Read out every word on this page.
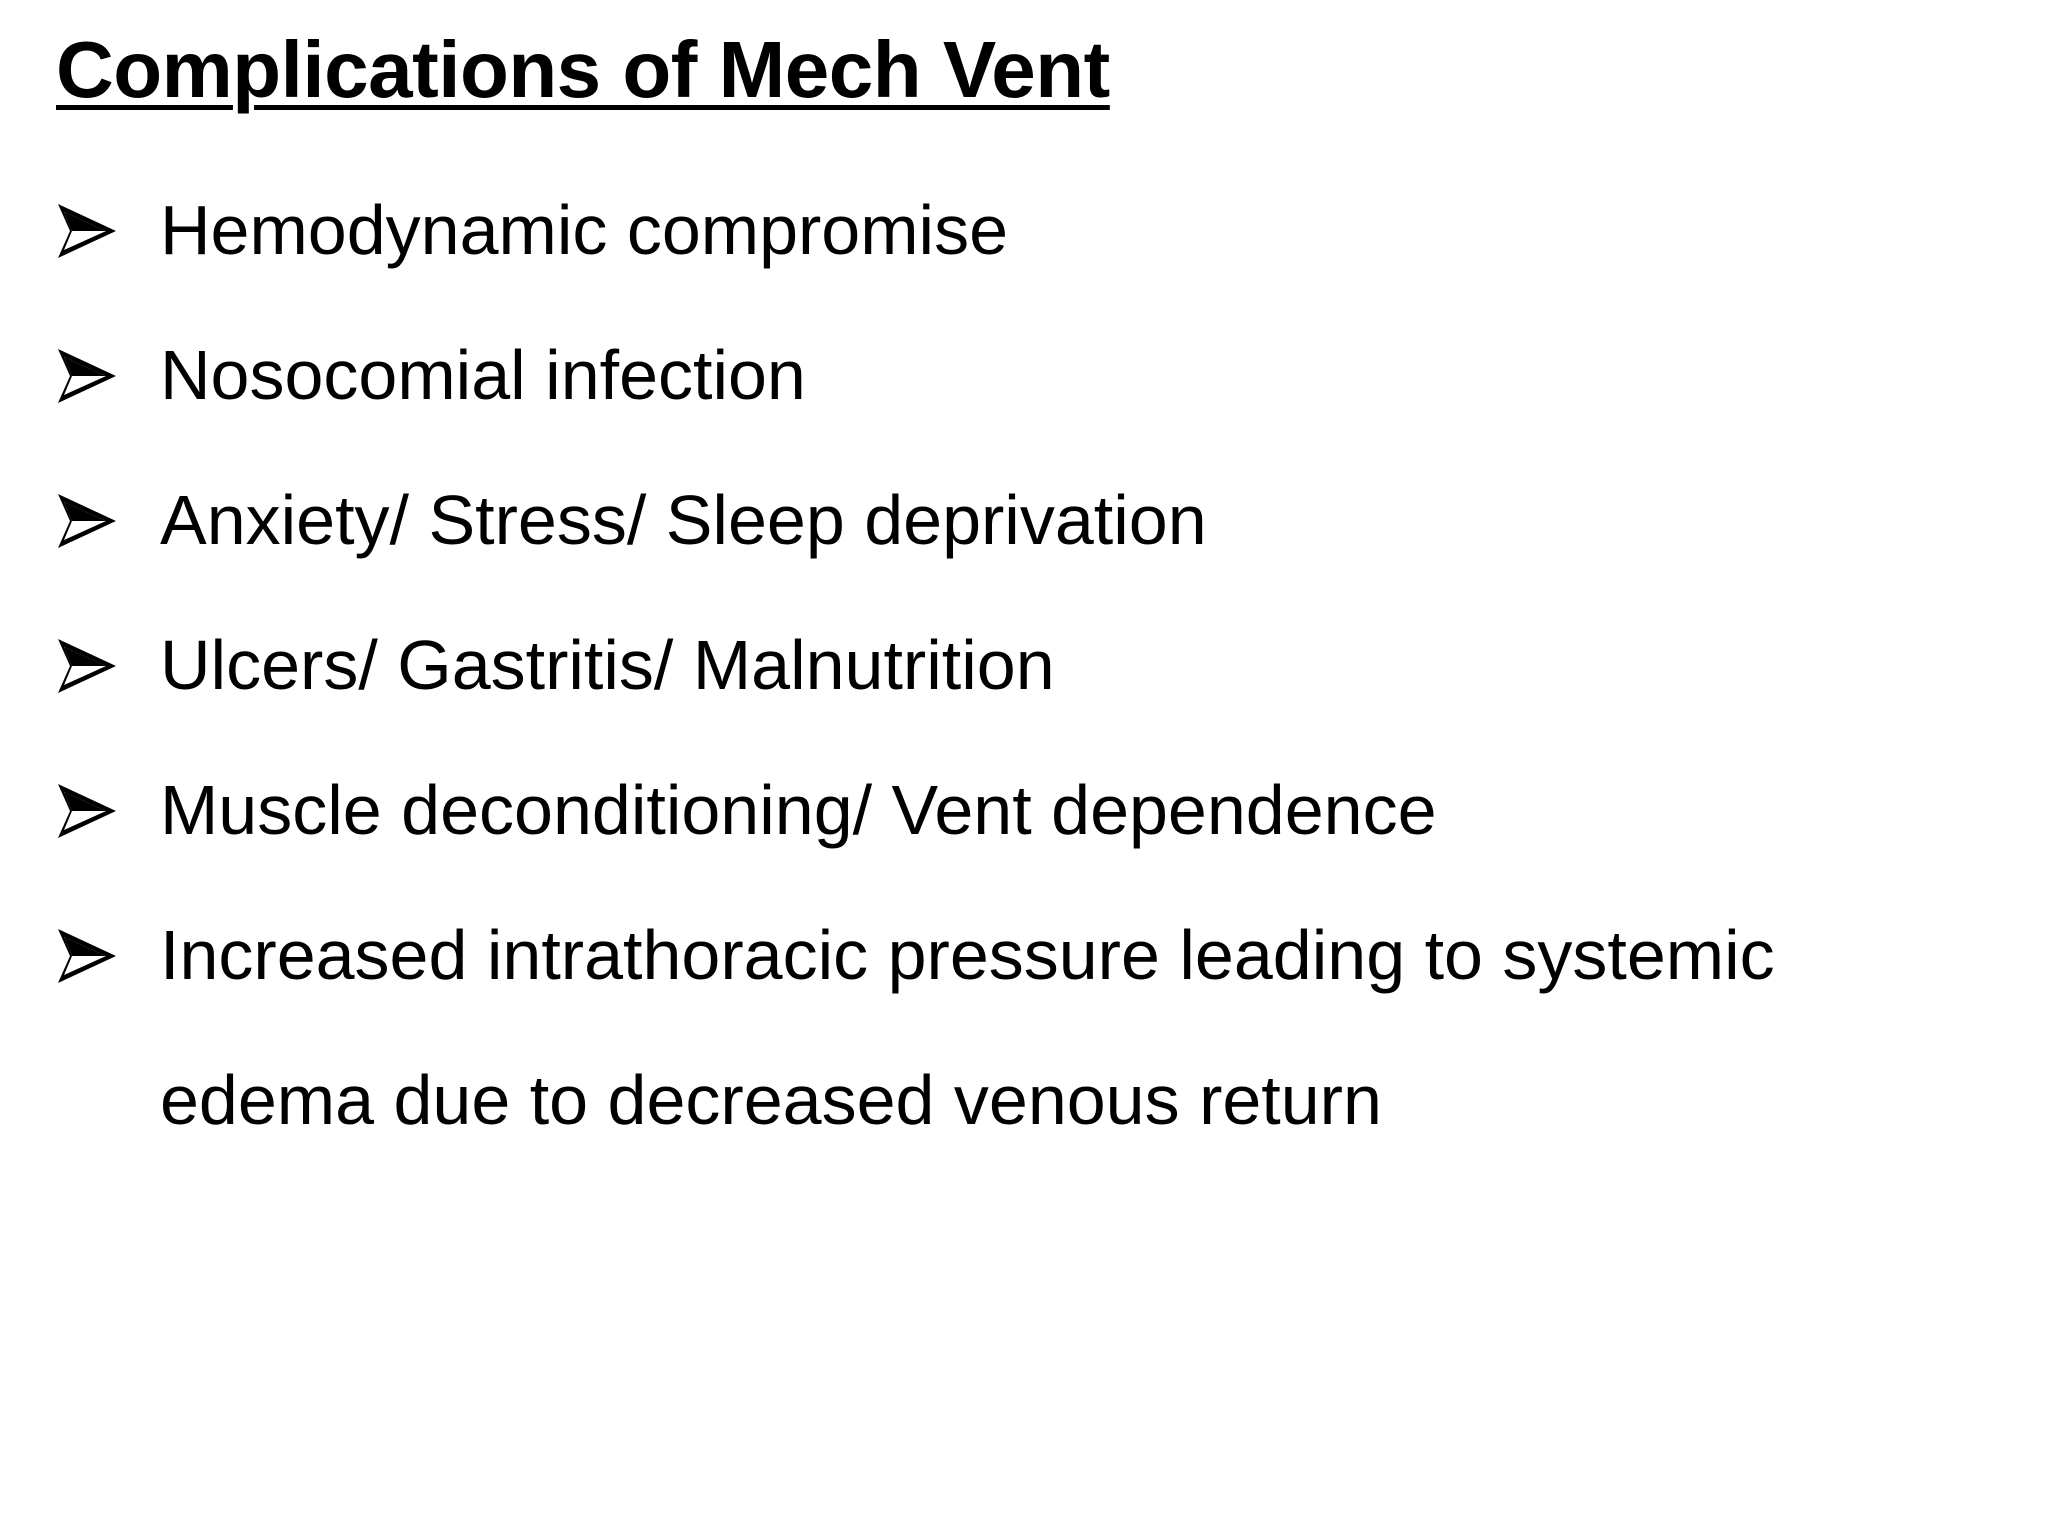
Complications of Mech Vent
Hemodynamic compromise
Nosocomial infection
Anxiety/ Stress/ Sleep deprivation
Ulcers/ Gastritis/ Malnutrition
Muscle deconditioning/ Vent dependence
Increased intrathoracic pressure leading to systemic edema due to decreased venous return
